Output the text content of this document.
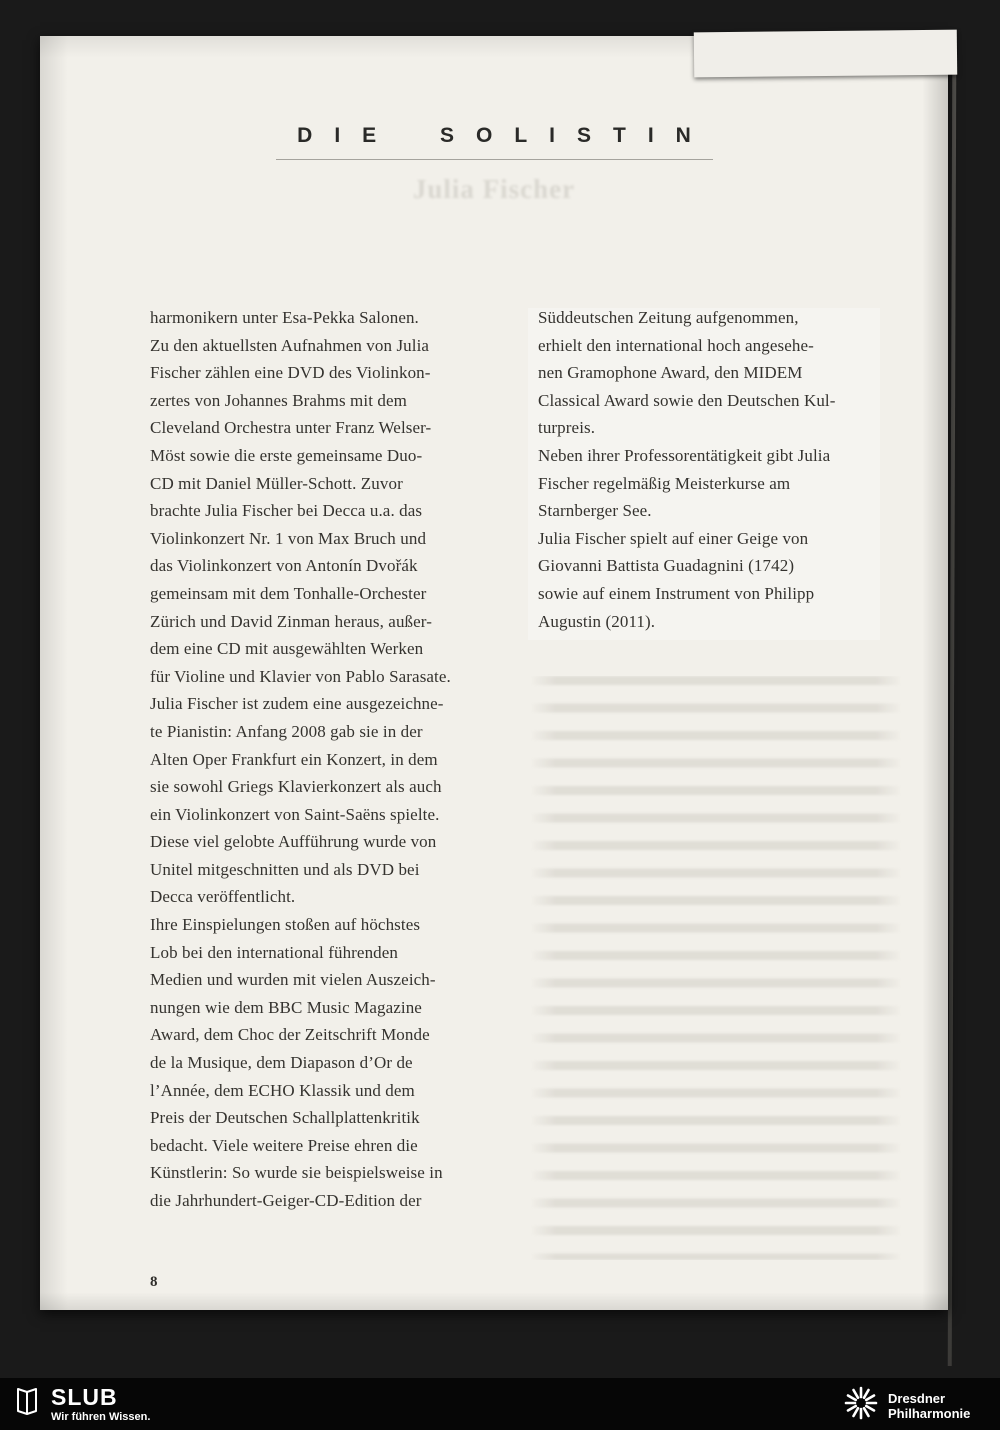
Julia Fischer
DIE SOLISTIN
harmonikern unter Esa-Pekka Salonen.
Zu den aktuellsten Aufnahmen von Julia
Fischer zählen eine DVD des Violinkon-
zertes von Johannes Brahms mit dem
Cleveland Orchestra unter Franz Welser-
Möst sowie die erste gemeinsame Duo-
CD mit Daniel Müller-Schott. Zuvor
brachte Julia Fischer bei Decca u.a. das
Violinkonzert Nr. 1 von Max Bruch und
das Violinkonzert von Antonín Dvořák
gemeinsam mit dem Tonhalle-Orchester
Zürich und David Zinman heraus, außer-
dem eine CD mit ausgewählten Werken
für Violine und Klavier von Pablo Sarasate.
Julia Fischer ist zudem eine ausgezeichne-
te Pianistin: Anfang 2008 gab sie in der
Alten Oper Frankfurt ein Konzert, in dem
sie sowohl Griegs Klavierkonzert als auch
ein Violinkonzert von Saint-Saëns spielte.
Diese viel gelobte Aufführung wurde von
Unitel mitgeschnitten und als DVD bei
Decca veröffentlicht.
Ihre Einspielungen stoßen auf höchstes
Lob bei den international führenden
Medien und wurden mit vielen Auszeich-
nungen wie dem BBC Music Magazine
Award, dem Choc der Zeitschrift Monde
de la Musique, dem Diapason d’Or de
l’Année, dem ECHO Klassik und dem
Preis der Deutschen Schallplattenkritik
bedacht. Viele weitere Preise ehren die
Künstlerin: So wurde sie beispielsweise in
die Jahrhundert-Geiger-CD-Edition der
Süddeutschen Zeitung aufgenommen,
erhielt den international hoch angesehe-
nen Gramophone Award, den MIDEM
Classical Award sowie den Deutschen Kul-
turpreis.
Neben ihrer Professorentätigkeit gibt Julia
Fischer regelmäßig Meisterkurse am
Starnberger See.
Julia Fischer spielt auf einer Geige von
Giovanni Battista Guadagnini (1742)
sowie auf einem Instrument von Philipp
Augustin (2011).
8
SLUB
Wir führen Wissen.
Dresdner
Philharmonie
